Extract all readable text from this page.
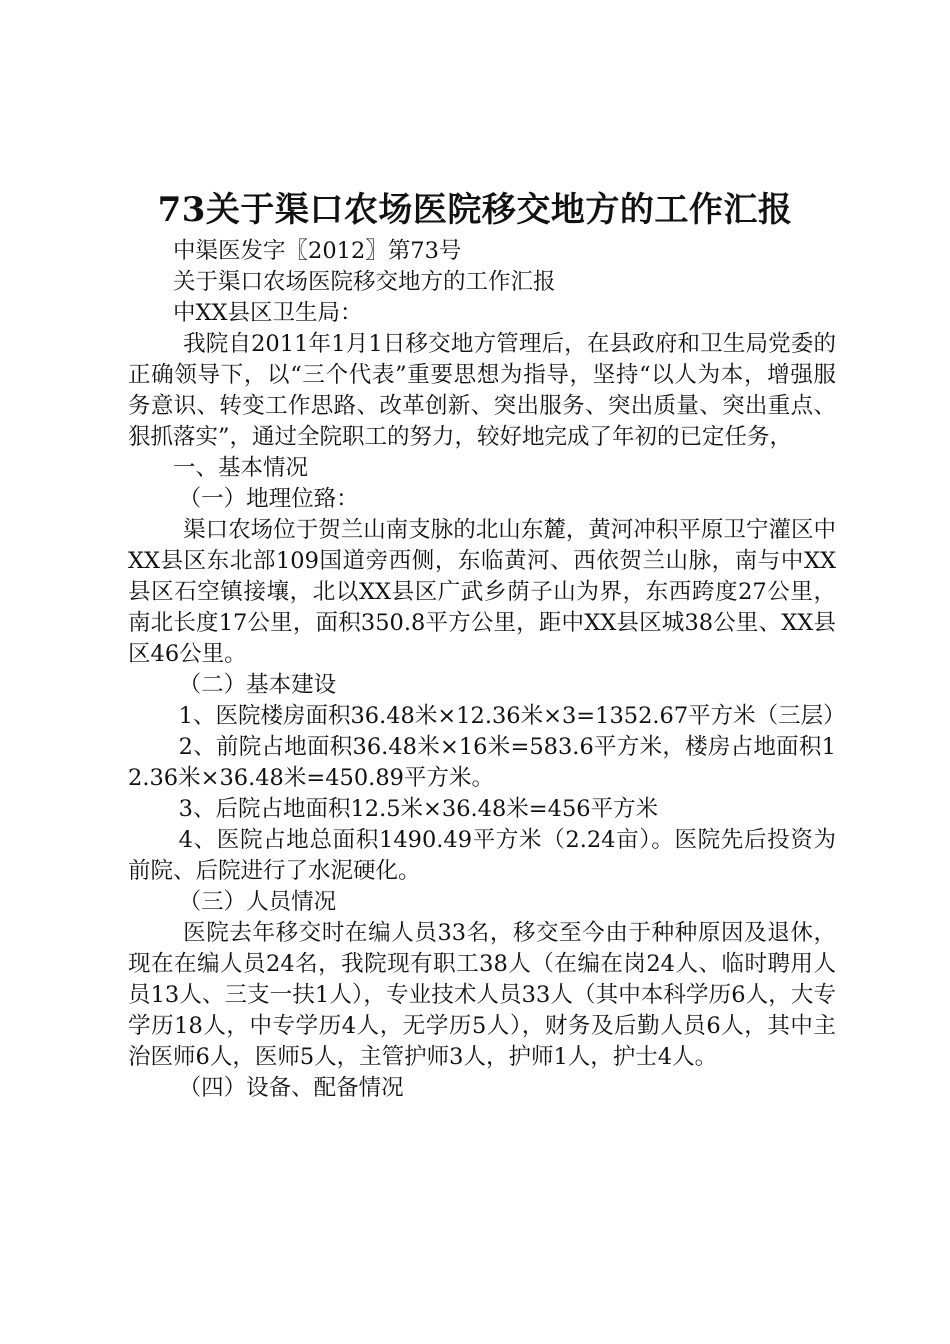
73关于渠口农场医院移交地方的工作汇报

中渠医发字〖2012〗第73号

关于渠口农场医院移交地方的工作汇报

中XX县区卫生局：

我院自2011年1月1日移交地方管理后，在县政府和卫生局党委的正确领导下，以“三个代表”重要思想为指导，坚持“以人为本，增强服务意识、转变工作思路、改革创新、突出服务、突出质量、突出重点、狠抓落实”，通过全院职工的努力，较好地完成了年初的已定任务，

一、基本情况

（一）地理位臵：

渠口农场位于贺兰山南支脉的北山东麓，黄河冲积平原卫宁灌区中XX县区东北部109国道旁西侧，东临黄河、西依贺兰山脉，南与中XX县区石空镇接壤，北以XX县区广武乡荫子山为界，东西跨度27公里，南北长度17公里，面积350.8平方公里，距中XX县区城38公里、XX县区46公里。

（二）基本建设

1、医院楼房面积36.48米×12.36米×3=1352.67平方米（三层）

2、前院占地面积36.48米×16米=583.6平方米，楼房占地面积12.36米×36.48米=450.89平方米。

3、后院占地面积12.5米×36.48米=456平方米

4、医院占地总面积1490.49平方米（2.24亩）。医院先后投资为前院、后院进行了水泥硬化。

（三）人员情况

医院去年移交时在编人员33名，移交至今由于种种原因及退休，现在在编人员24名，我院现有职工38人（在编在岗24人、临时聘用人员13人、三支一扶1人），专业技术人员33人（其中本科学历6人，大专学历18人，中专学历4人，无学历5人），财务及后勤人员6人，其中主治医师6人，医师5人，主管护师3人，护师1人，护士4人。

（四）设备、配备情况
